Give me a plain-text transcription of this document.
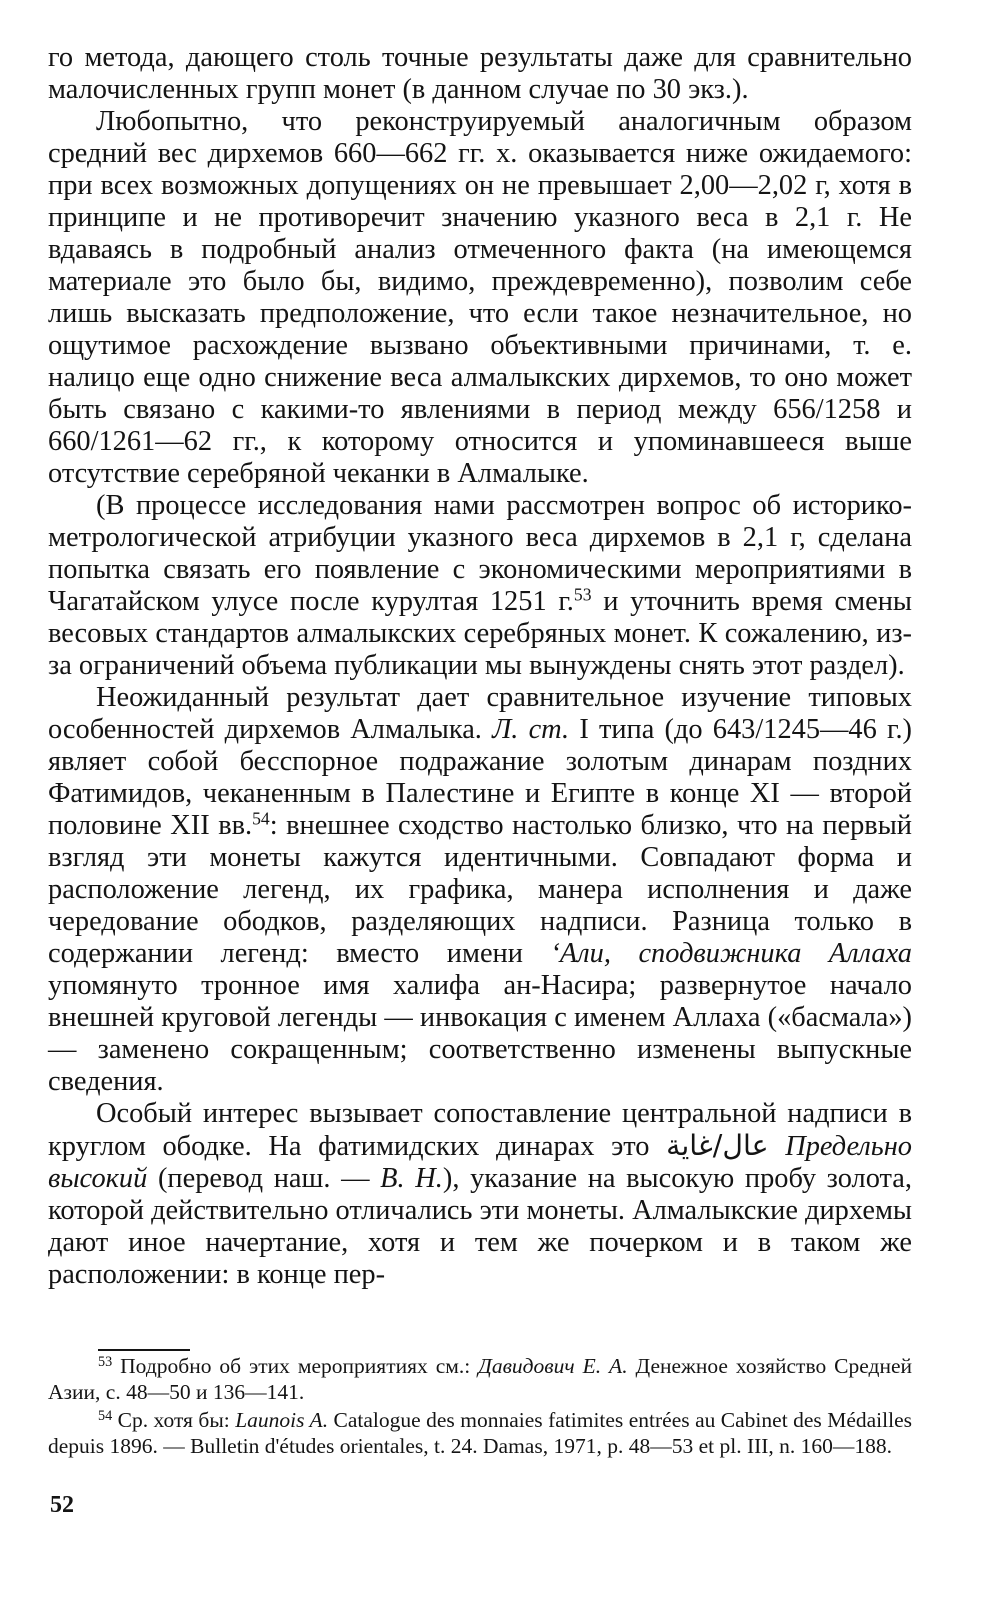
го метода, дающего столь точные результаты даже для сравнительно малочисленных групп монет (в данном случае по 30 экз.).

Любопытно, что реконструируемый аналогичным образом средний вес дирхемов 660—662 гг. х. оказывается ниже ожидаемого: при всех возможных допущениях он не превышает 2,00—2,02 г, хотя в принципе и не противоречит значению указного веса в 2,1 г. Не вдаваясь в подробный анализ отмеченного факта (на имеющемся материале это было бы, видимо, преждевременно), позволим себе лишь высказать предположение, что если такое незначительное, но ощутимое расхождение вызвано объективными причинами, т. е. налицо еще одно снижение веса алмалыкских дирхемов, то оно может быть связано с какими-то явлениями в период между 656/1258 и 660/1261—62 гг., к которому относится и упоминавшееся выше отсутствие серебряной чеканки в Алмалыке.

(В процессе исследования нами рассмотрен вопрос об историко-метрологической атрибуции указного веса дирхемов в 2,1 г, сделана попытка связать его появление с экономическими мероприятиями в Чагатайском улусе после курултая 1251 г.$^{53}$ и уточнить время смены весовых стандартов алмалыкских серебряных монет. К сожалению, из-за ограничений объема публикации мы вынуждены снять этот раздел).

Неожиданный результат дает сравнительное изучение типовых особенностей дирхемов Алмалыка. Л. ст. I типа (до 643/1245—46 г.) являет собой бесспорное подражание золотым динарам поздних Фатимидов, чеканенным в Палестине и Египте в конце XI — второй половине XII вв.$^{54}$: внешнее сходство настолько близко, что на первый взгляд эти монеты кажутся идентичными. Совпадают форма и расположение легенд, их графика, манера исполнения и даже чередование ободков, разделяющих надписи. Разница только в содержании легенд: вместо имени ʻАли, сподвижника Аллаха упомянуто тронное имя халифа ан-Насира; развернутое начало внешней круговой легенды — инвокация с именем Аллаха («басмала») — заменено сокращенным; соответственно изменены выпускные сведения.

Особый интерес вызывает сопоставление центральной надписи в круглом ободке. На фатимидских динарах это عال/غاية Предельно высокий (перевод наш. — В. Н.), указание на высокую пробу золота, которой действительно отличались эти монеты. Алмалыкские дирхемы дают иное начертание, хотя и тем же почерком и в таком же расположении: в конце пер-

$^{53}$ Подробно об этих мероприятиях см.: Давидович Е. А. Денежное хозяйство Средней Азии, с. 48—50 и 136—141.

$^{54}$ Ср. хотя бы: Launois A. Catalogue des monnaies fatimites entrées au Cabinet des Médailles depuis 1896. — Bulletin d'études orientales, t. 24. Damas, 1971, p. 48—53 et pl. III, n. 160—188.

52
